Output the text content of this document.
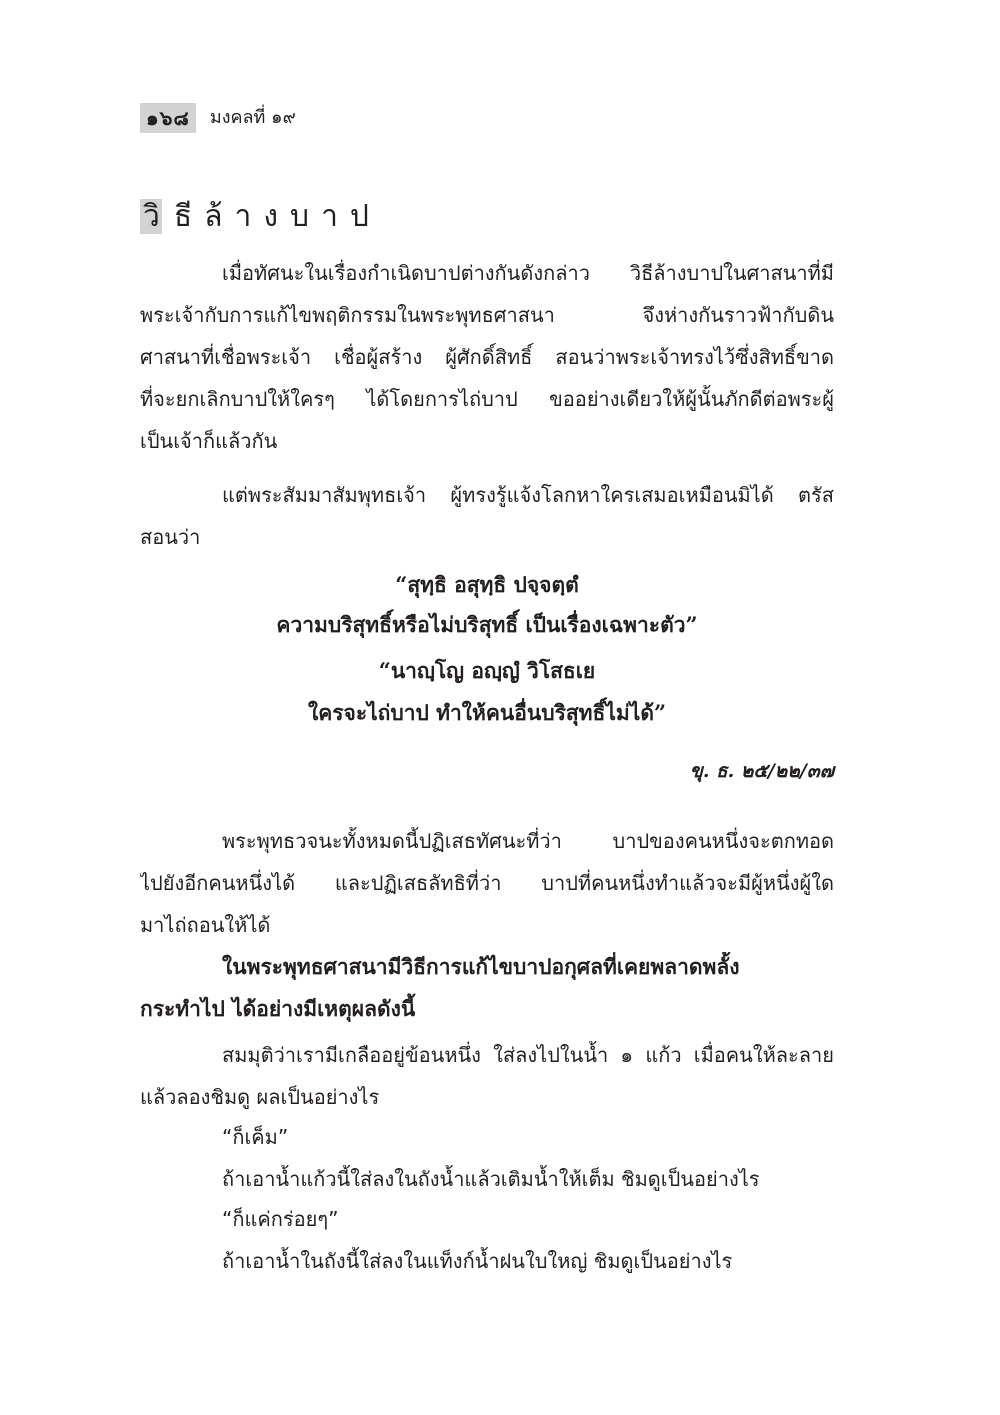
๑๖๘	มงคลที่ ๑๙
วิ ธีล้างบาป
เมื่อทัศนะในเรื่องกำเนิดบาปต่างกันดังกล่าว วิธีล้างบาปในศาสนาที่มี
พระเจ้ากับการแก้ไขพฤติกรรมในพระพุทธศาสนา จึงห่างกันราวฟ้ากับดิน
ศาสนาที่เชื่อพระเจ้า เชื่อผู้สร้าง ผู้ศักดิ์สิทธิ์ สอนว่าพระเจ้าทรงไว้ซึ่งสิทธิ์ขาด
ที่จะยกเลิกบาปให้ใครๆ ได้โดยการไถ่บาป ขออย่างเดียวให้ผู้นั้นภักดีต่อพระผู้
เป็นเจ้าก็แล้วกัน
แต่พระสัมมาสัมพุทธเจ้า ผู้ทรงรู้แจ้งโลกหาใครเสมอเหมือนมิได้ ตรัส
สอนว่า
“สุทฺธิ อสุทฺธิ ปจฺจตฺตํ
ความบริสุทธิ์หรือไม่บริสุทธิ์ เป็นเรื่องเฉพาะตัว”
“นาญฺโญ อญฺญํ วิโสธเย
ใครจะไถ่บาป ทำให้คนอื่นบริสุทธิ์ไม่ได้”
ขุ. ธ. ๒๕/๒๒/๓๗
พระพุทธวจนะทั้งหมดนี้ปฏิเสธทัศนะที่ว่า บาปของคนหนึ่งจะตกทอด
ไปยังอีกคนหนึ่งได้ และปฏิเสธลัทธิที่ว่า บาปที่คนหนึ่งทำแล้วจะมีผู้หนึ่งผู้ใด
มาไถ่ถอนให้ได้
ในพระพุทธศาสนามีวิธีการแก้ไขบาปอกุศลที่เคยพลาดพลั้ง
กระทำไป ได้อย่างมีเหตุผลดังนี้
สมมุติว่าเรามีเกลืออยู่ข้อนหนึ่ง ใส่ลงไปในน้ำ ๑ แก้ว เมื่อคนให้ละลาย
แล้วลองชิมดู ผลเป็นอย่างไร
“ก็เค็ม”
ถ้าเอาน้ำแก้วนี้ใส่ลงในถังน้ำแล้วเติมน้ำให้เต็ม ชิมดูเป็นอย่างไร
“ก็แค่กร่อยๆ”
ถ้าเอาน้ำในถังนี้ใส่ลงในแท็งก์น้ำฝนใบใหญ่ ชิมดูเป็นอย่างไร
